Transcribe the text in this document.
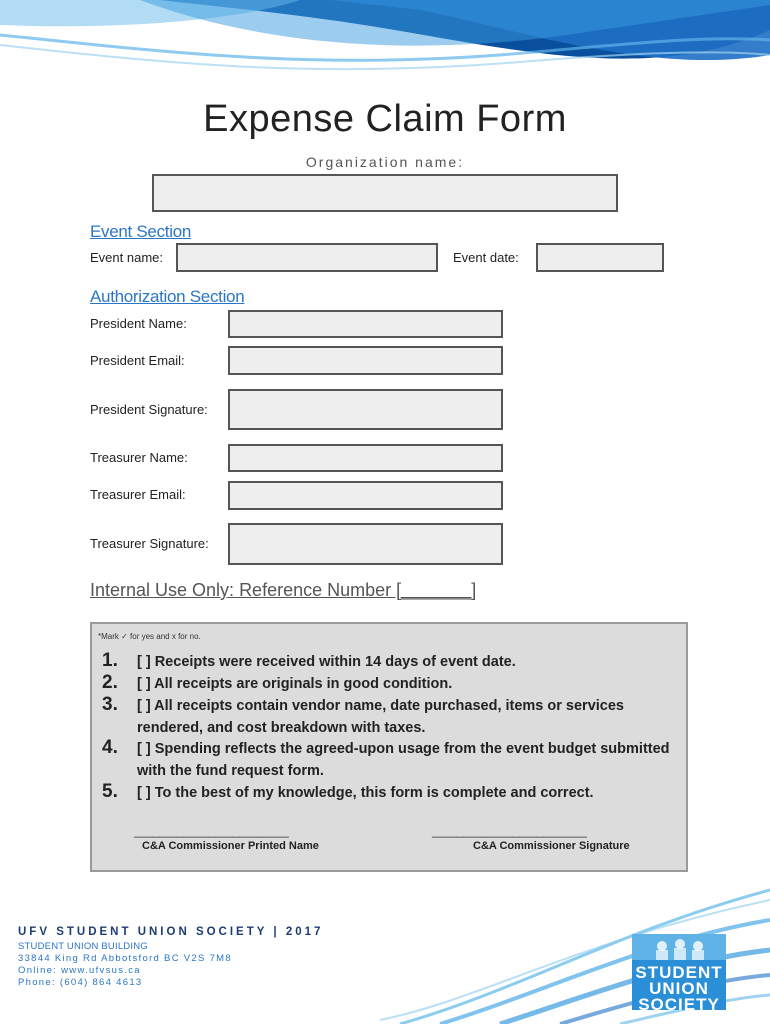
Expense Claim Form
Organization name:
Event Section
Event name:	Event date:
Authorization Section
President Name:
President Email:
President Signature:
Treasurer Name:
Treasurer Email:
Treasurer Signature:
Internal Use Only: Reference Number [_______]
*Mark ✓ for yes and x for no.
1.	[ ] Receipts were received within 14 days of event date.
2.	[ ] All receipts are originals in good condition.
3.	[ ] All receipts contain vendor name, date purchased, items or services rendered, and cost breakdown with taxes.
4.	[ ] Spending reflects the agreed-upon usage from the event budget submitted with the fund request form.
5.	[ ] To the best of my knowledge, this form is complete and correct.
_________________________	_________________________
C&A Commissioner Printed Name	C&A Commissioner Signature
UFV STUDENT UNION SOCIETY | 2017
STUDENT UNION BUILDING
33844 King Rd Abbotsford BC V2S 7M8
Online: www.ufvsus.ca
Phone: (604) 864 4613
STUDENT
UNION
SOCIETY
